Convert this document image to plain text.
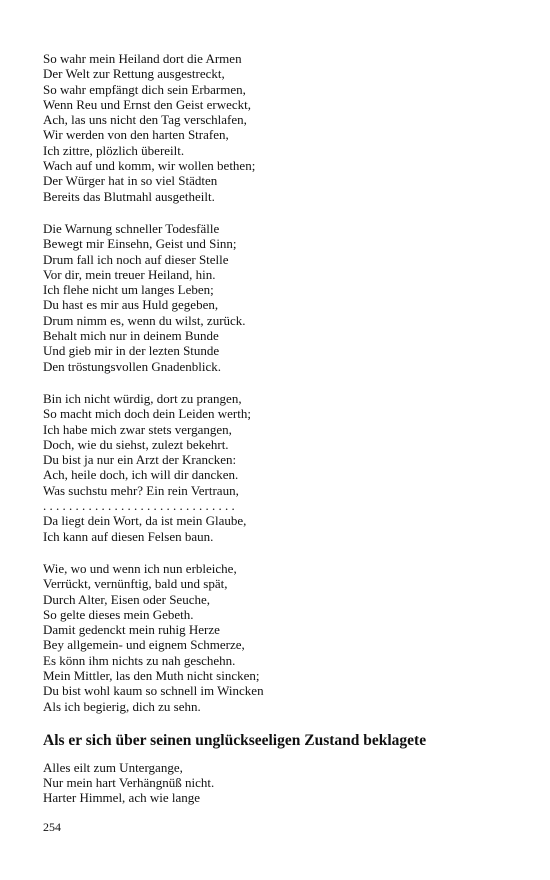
So wahr mein Heiland dort die Armen
Der Welt zur Rettung ausgestreckt,
So wahr empfängt dich sein Erbarmen,
Wenn Reu und Ernst den Geist erweckt,
Ach, las uns nicht den Tag verschlafen,
Wir werden von den harten Strafen,
Ich zittre, plözlich übereilt.
Wach auf und komm, wir wollen bethen;
Der Würger hat in so viel Städten
Bereits das Blutmahl ausgetheilt.
Die Warnung schneller Todesfälle
Bewegt mir Einsehn, Geist und Sinn;
Drum fall ich noch auf dieser Stelle
Vor dir, mein treuer Heiland, hin.
Ich flehe nicht um langes Leben;
Du hast es mir aus Huld gegeben,
Drum nimm es, wenn du wilst, zurück.
Behalt mich nur in deinem Bunde
Und gieb mir in der lezten Stunde
Den tröstungsvollen Gnadenblick.
Bin ich nicht würdig, dort zu prangen,
So macht mich doch dein Leiden werth;
Ich habe mich zwar stets vergangen,
Doch, wie du siehst, zulezt bekehrt.
Du bist ja nur ein Arzt der Krancken:
Ach, heile doch, ich will dir dancken.
Was suchstu mehr? Ein rein Vertraun,
. . . . . . . . . . . . . . . . . . . . . . . . . . . . . .
Da liegt dein Wort, da ist mein Glaube,
Ich kann auf diesen Felsen baun.
Wie, wo und wenn ich nun erbleiche,
Verrückt, vernünftig, bald und spät,
Durch Alter, Eisen oder Seuche,
So gelte dieses mein Gebeth.
Damit gedenckt mein ruhig Herze
Bey allgemein- und eignem Schmerze,
Es könn ihm nichts zu nah geschehn.
Mein Mittler, las den Muth nicht sincken;
Du bist wohl kaum so schnell im Wincken
Als ich begierig, dich zu sehn.
Als er sich über seinen unglückseeligen Zustand beklagete
Alles eilt zum Untergange,
Nur mein hart Verhängnüß nicht.
Harter Himmel, ach wie lange
254
